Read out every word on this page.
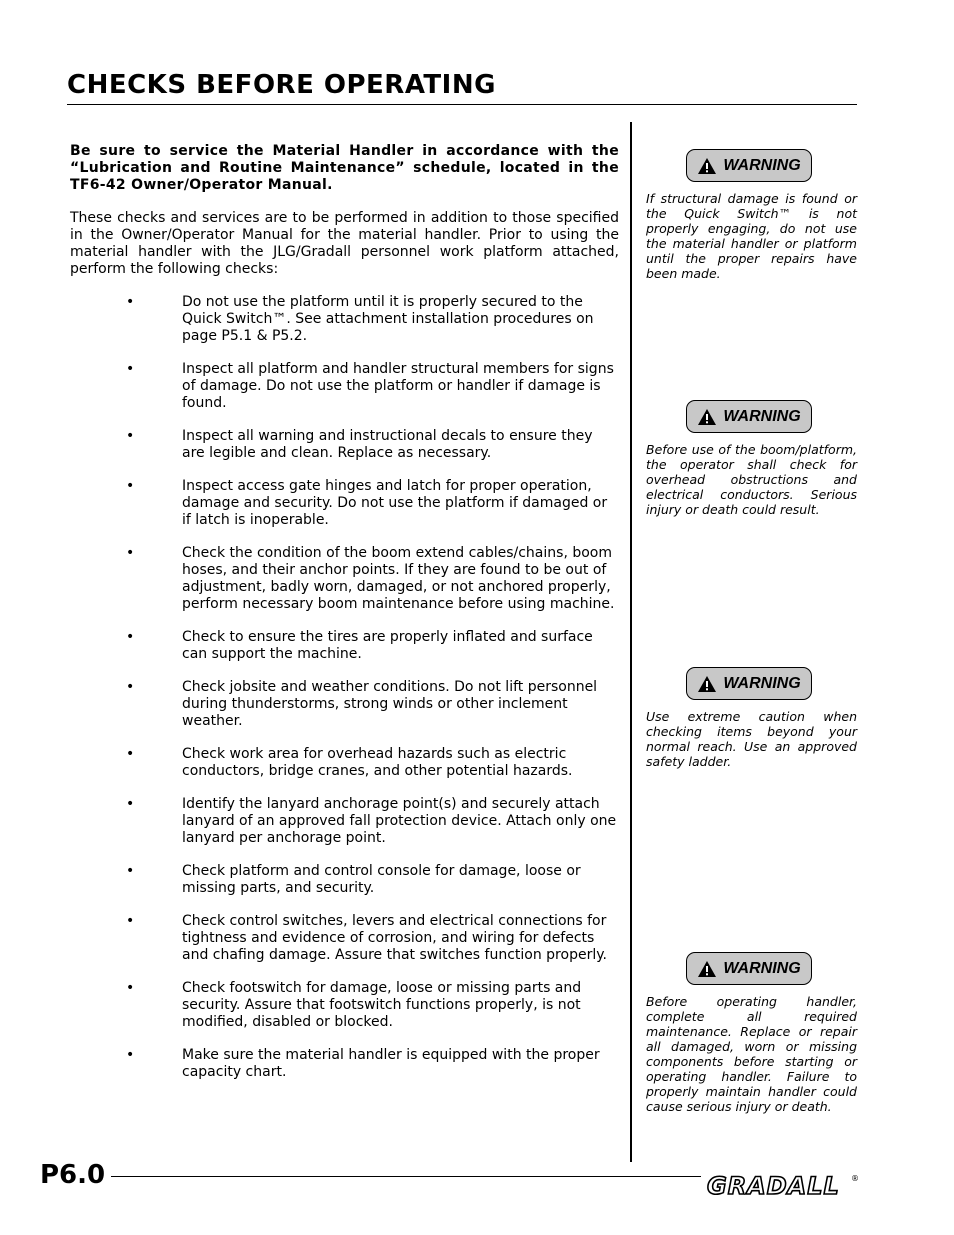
CHECKS BEFORE OPERATING

Be sure to service the Material Handler in accordance with the “Lubrication and Routine Maintenance” schedule, located in the TF6-42 Owner/Operator Manual.

These checks and services are to be performed in addition to those specified in the Owner/Operator Manual for the material handler. Prior to using the material handler with the JLG/Gradall personnel work platform attached, perform the following checks:

•	Do not use the platform until it is properly secured to the Quick Switch™. See attachment installation procedures on page P5.1 & P5.2.
•	Inspect all platform and handler structural members for signs of damage. Do not use the platform or handler if damage is found.
•	Inspect all warning and instructional decals to ensure they are legible and clean. Replace as necessary.
•	Inspect access gate hinges and latch for proper operation, damage and security. Do not use the platform if damaged or if latch is inoperable.
•	Check the condition of the boom extend cables/chains, boom hoses, and their anchor points. If they are found to be out of adjustment, badly worn, damaged, or not anchored properly, perform necessary boom maintenance before using machine.
•	Check to ensure the tires are properly inflated and surface can support the machine.
•	Check jobsite and weather conditions. Do not lift personnel during thunderstorms, strong winds or other inclement weather.
•	Check work area for overhead hazards such as electric conductors, bridge cranes, and other potential hazards.
•	Identify the lanyard anchorage point(s) and securely attach lanyard of an approved fall protection device. Attach only one lanyard per anchorage point.
•	Check platform and control console for damage, loose or missing parts, and security.
•	Check control switches, levers and electrical connections for tightness and evidence of corrosion, and wiring for defects and chafing damage. Assure that switches function properly.
•	Check footswitch for damage, loose or missing parts and security. Assure that footswitch functions properly, is not modified, disabled or blocked.
•	Make sure the material handler is equipped with the proper capacity chart.
WARNING

If structural damage is found or the Quick Switch™ is not properly engaging, do not use the material handler or platform until the proper repairs have been made.

WARNING

Before use of the boom/platform, the operator shall check for overhead obstructions and electrical conductors. Serious injury or death could result.

WARNING

Use extreme caution when checking items beyond your normal reach. Use an approved safety ladder.

WARNING

Before operating handler, complete all required maintenance. Replace or repair all damaged, worn or missing components before starting or operating handler. Failure to properly maintain handler could cause serious injury or death.

P6.0	GRADALL ®
